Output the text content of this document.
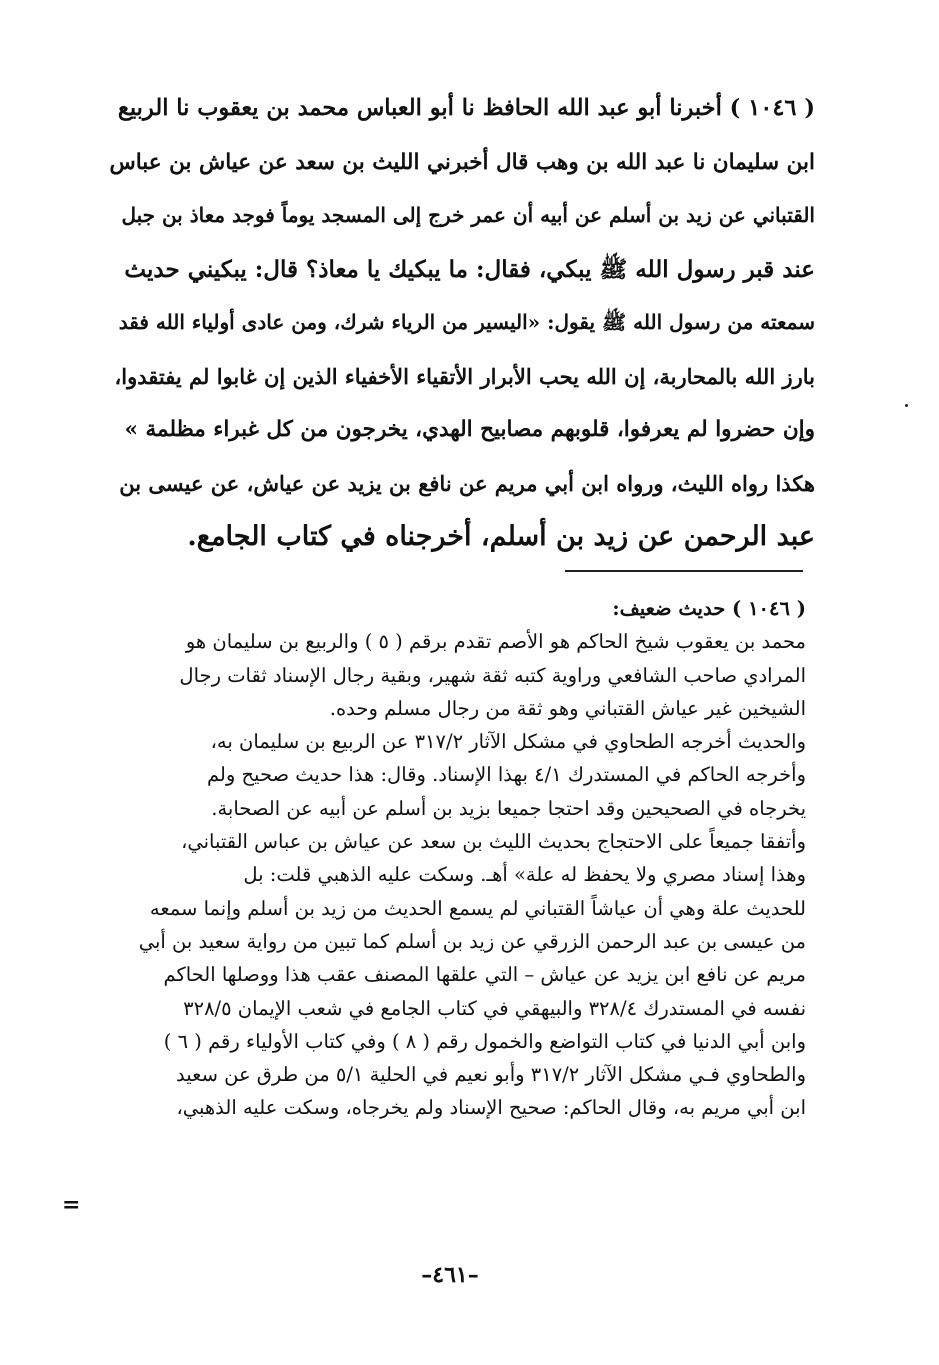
( ١٠٤٦ ) أخبرنا أبو عبد الله الحافظ نا أبو العباس محمد بن يعقوب نا الربيع
ابن سليمان نا عبد الله بن وهب قال أخبرني الليث بن سعد عن عياش بن عباس
القتباني عن زيد بن أسلم عن أبيه أن عمر خرج إلى المسجد يوماً فوجد معاذ بن جبل
عند قبر رسول الله ﷺ يبكي، فقال: ما يبكيك يا معاذ؟ قال: يبكيني حديث
سمعته من رسول الله ﷺ يقول: «اليسير من الرياء شرك، ومن عادى أولياء الله فقد
بارز الله بالمحاربة، إن الله يحب الأبرار الأتقياء الأخفياء الذين إن غابوا لم يفتقدوا،
وإن حضروا لم يعرفوا، قلوبهم مصابيح الهدي، يخرجون من كل غبراء مظلمة »
هكذا رواه الليث، ورواه ابن أبي مريم عن نافع بن يزيد عن عياش، عن عيسى بن
عبد الرحمن عن زيد بن أسلم، أخرجناه في كتاب الجامع.
( ١٠٤٦ ) حديث ضعيف:
محمد بن يعقوب شيخ الحاكم هو الأصم تقدم برقم ( ٥ ) والربيع بن سليمان هو
المرادي صاحب الشافعي وراوية كتبه ثقة شهير، وبقية رجال الإسناد ثقات رجال
الشيخين غير عياش القتباني وهو ثقة من رجال مسلم وحده.
والحديث أخرجه الطحاوي في مشكل الآثار ٣١٧/٢ عن الربيع بن سليمان به،
وأخرجه الحاكم في المستدرك ٤/١ بهذا الإسناد. وقال: هذا حديث صحيح ولم
يخرجاه في الصحيحين وقد احتجا جميعا بزيد بن أسلم عن أبيه عن الصحابة.
وأتفقا جميعاً على الاحتجاج بحديث الليث بن سعد عن عياش بن عباس القتباني،
وهذا إسناد مصري ولا يحفظ له علة» أهـ. وسكت عليه الذهبي قلت: بل
للحديث علة وهي أن عياشاً القتباني لم يسمع الحديث من زيد بن أسلم وإنما سمعه
من عيسى بن عبد الرحمن الزرقي عن زيد بن أسلم كما تبين من رواية سعيد بن أبي
مريم عن نافع ابن يزيد عن عياش – التي علقها المصنف عقب هذا ووصلها الحاكم
نفسه في المستدرك ٣٢٨/٤ والبيهقي في كتاب الجامع في شعب الإيمان ٣٢٨/٥
وابن أبي الدنيا في كتاب التواضع والخمول رقم ( ٨ ) وفي كتاب الأولياء رقم ( ٦ )
والطحاوي فـي مشكل الآثار ٣١٧/٢ وأبو نعيم في الحلية ٥/١ من طرق عن سعيد
ابن أبي مريم به، وقال الحاكم: صحيح الإسناد ولم يخرجاه، وسكت عليه الذهبي،
=
–٤٦١–
